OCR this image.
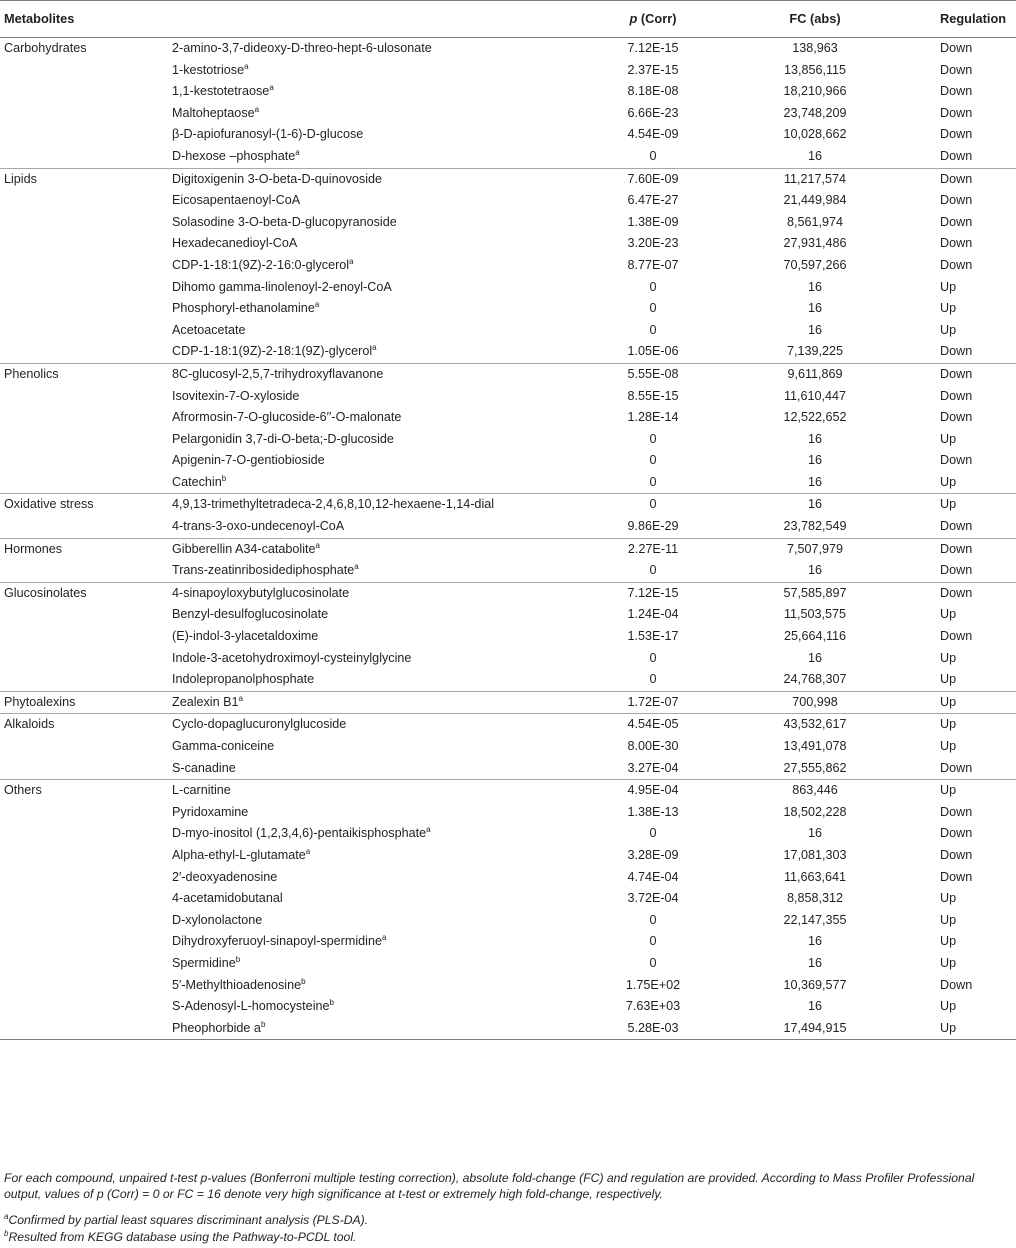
Metabolites		p (Corr)	FC (abs)	Regulation
Carbohydrates	2-amino-3,7-dideoxy-D-threo-hept-6-ulosonate	7.12E-15	138,963	Down
	1-kestotriose$^a$	2.37E-15	13,856,115	Down
	1,1-kestotetraose$^a$	8.18E-08	18,210,966	Down
	Maltoheptaose$^a$	6.66E-23	23,748,209	Down
	β-D-apiofuranosyl-(1-6)-D-glucose	4.54E-09	10,028,662	Down
	D-hexose –phosphate$^a$	0	16	Down
Lipids	Digitoxigenin 3-O-beta-D-quinovoside	7.60E-09	11,217,574	Down
	Eicosapentaenoyl-CoA	6.47E-27	21,449,984	Down
	Solasodine 3-O-beta-D-glucopyranoside	1.38E-09	8,561,974	Down
	Hexadecanedioyl-CoA	3.20E-23	27,931,486	Down
	CDP-1-18:1(9Z)-2-16:0-glycerol$^a$	8.77E-07	70,597,266	Down
	Dihomo gamma-linolenoyl-2-enoyl-CoA	0	16	Up
	Phosphoryl-ethanolamine$^a$	0	16	Up
	Acetoacetate	0	16	Up
	CDP-1-18:1(9Z)-2-18:1(9Z)-glycerol$^a$	1.05E-06	7,139,225	Down
Phenolics	8C-glucosyl-2,5,7-trihydroxyflavanone	5.55E-08	9,611,869	Down
	Isovitexin-7-O-xyloside	8.55E-15	11,610,447	Down
	Afrormosin-7-O-glucoside-6′′-O-malonate	1.28E-14	12,522,652	Down
	Pelargonidin 3,7-di-O-beta;-D-glucoside	0	16	Up
	Apigenin-7-O-gentiobioside	0	16	Down
	Catechin$^b$	0	16	Up
Oxidative stress	4,9,13-trimethyltetradeca-2,4,6,8,10,12-hexaene-1,14-dial	0	16	Up
	4-trans-3-oxo-undecenoyl-CoA	9.86E-29	23,782,549	Down
Hormones	Gibberellin A34-catabolite$^a$	2.27E-11	7,507,979	Down
	Trans-zeatinribosidediphosphate$^a$	0	16	Down
Glucosinolates	4-sinapoyloxybutylglucosinolate	7.12E-15	57,585,897	Down
	Benzyl-desulfoglucosinolate	1.24E-04	11,503,575	Up
	(E)-indol-3-ylacetaldoxime	1.53E-17	25,664,116	Down
	Indole-3-acetohydroximoyl-cysteinylglycine	0	16	Up
	Indolepropanolphosphate	0	24,768,307	Up
Phytoalexins	Zealexin B1$^a$	1.72E-07	700,998	Up
Alkaloids	Cyclo-dopaglucuronylglucoside	4.54E-05	43,532,617	Up
	Gamma-coniceine	8.00E-30	13,491,078	Up
	S-canadine	3.27E-04	27,555,862	Down
Others	L-carnitine	4.95E-04	863,446	Up
	Pyridoxamine	1.38E-13	18,502,228	Down
	D-myo-inositol (1,2,3,4,6)-pentaikisphosphate$^a$	0	16	Down
	Alpha-ethyl-L-glutamate$^a$	3.28E-09	17,081,303	Down
	2′-deoxyadenosine	4.74E-04	11,663,641	Down
	4-acetamidobutanal	3.72E-04	8,858,312	Up
	D-xylonolactone	0	22,147,355	Up
	Dihydroxyferuoyl-sinapoyl-spermidine$^a$	0	16	Up
	Spermidine$^b$	0	16	Up
	5′-Methylthioadenosine$^b$	1.75E+02	10,369,577	Down
	S-Adenosyl-L-homocysteine$^b$	7.63E+03	16	Up
	Pheophorbide $a^b$	5.28E-03	17,494,915	Up
For each compound, unpaired t-test p-values (Bonferroni multiple testing correction), absolute fold-change (FC) and regulation are provided. According to Mass Profiler Professional output, values of p (Corr) = 0 or FC = 16 denote very high significance at t-test or extremely high fold-change, respectively.
$^a$Confirmed by partial least squares discriminant analysis (PLS-DA).
$^b$Resulted from KEGG database using the Pathway-to-PCDL tool.
